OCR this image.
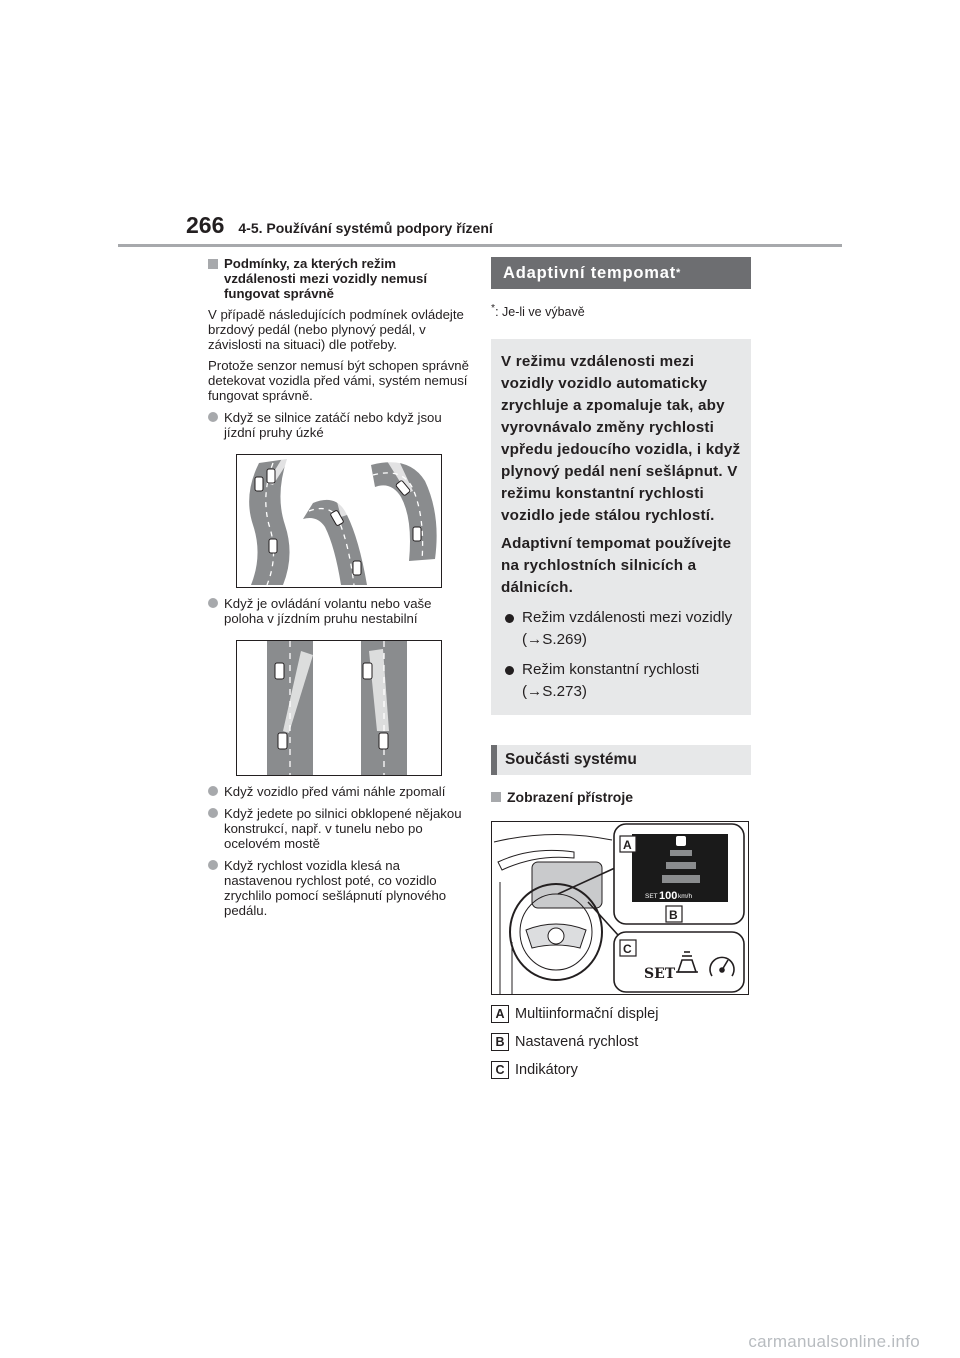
266 4-5. Používání systémů podpory řízení
Podmínky, za kterých režim vzdálenosti mezi vozidly nemusí fungovat správně

V případě následujících podmínek ovládejte brzdový pedál (nebo plynový pedál, v závislosti na situaci) dle potřeby.

Protože senzor nemusí být schopen správně detekovat vozidla před vámi, systém nemusí fungovat správně.

Když se silnice zatáčí nebo když jsou jízdní pruhy úzké
Když je ovládání volantu nebo vaše poloha v jízdním pruhu nestabilní
Když vozidlo před vámi náhle zpomalí
Když jedete po silnici obklopené nějakou konstrukcí, např. v tunelu nebo po ocelovém mostě
Když rychlost vozidla klesá na nastavenou rychlost poté, co vozidlo zrychlilo pomocí sešlápnutí plynového pedálu.
Adaptivní tempomat *
*: Je-li ve výbavě

V režimu vzdálenosti mezi vozidly vozidlo automaticky zrychluje a zpomaluje tak, aby vyrovnávalo změny rychlosti vpředu jedoucího vozidla, i když plynový pedál není sešlápnut. V režimu konstantní rychlosti vozidlo jede stálou rychlostí.

Adaptivní tempomat používejte na rychlostních silnicích a dálnicích.

Režim vzdálenosti mezi vozidly
(→S.269)
Režim konstantní rychlosti
(→S.273)
Součásti systému
Zobrazení přístroje
SET 100 km/h
A
B
C
SET
A Multiinformační displej
B Nastavená rychlost
C Indikátory
carmanualsonline.info
